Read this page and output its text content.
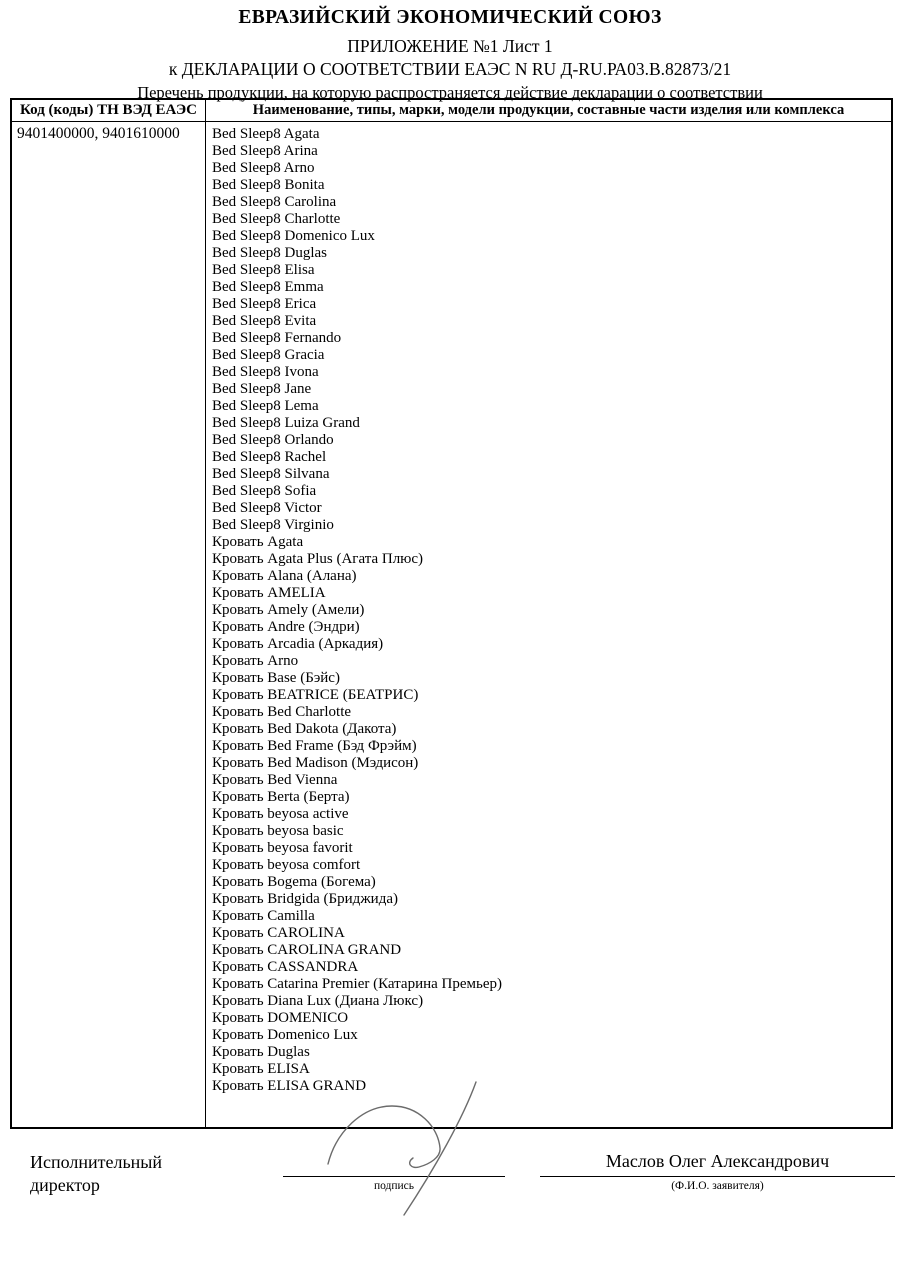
ЕВРАЗИЙСКИЙ ЭКОНОМИЧЕСКИЙ СОЮЗ
ПРИЛОЖЕНИЕ №1 Лист 1
к ДЕКЛАРАЦИИ О СООТВЕТСТВИИ ЕАЭС N RU Д-RU.РА03.В.82873/21
Перечень продукции, на которую распространяется действие декларации о соответствии
Код (коды) ТН ВЭД ЕАЭС	Наименование, типы, марки, модели продукции, составные части изделия или комплекса
9401400000, 9401610000	Bed Sleep8 Agata
Bed Sleep8 Arina
Bed Sleep8 Arno
Bed Sleep8 Bonita
Bed Sleep8 Carolina
Bed Sleep8 Charlotte
Bed Sleep8 Domenico Lux
Bed Sleep8 Duglas
Bed Sleep8 Elisa
Bed Sleep8 Emma
Bed Sleep8 Erica
Bed Sleep8 Evita
Bed Sleep8 Fernando
Bed Sleep8 Gracia
Bed Sleep8 Ivona
Bed Sleep8 Jane
Bed Sleep8 Lema
Bed Sleep8 Luiza Grand
Bed Sleep8 Orlando
Bed Sleep8 Rachel
Bed Sleep8 Silvana
Bed Sleep8 Sofia
Bed Sleep8 Victor
Bed Sleep8 Virginio
Кровать Agata
Кровать Agata Plus (Агата Плюс)
Кровать Alana (Алана)
Кровать AMELIA
Кровать Amely (Амели)
Кровать Andre (Эндри)
Кровать Arcadia (Аркадия)
Кровать Arno
Кровать Base (Бэйс)
Кровать BEATRICE (БЕАТРИС)
Кровать Bed Charlotte
Кровать Bed Dakota (Дакота)
Кровать Bed Frame (Бэд Фрэйм)
Кровать Bed Madison (Мэдисон)
Кровать Bed Vienna
Кровать Berta (Берта)
Кровать beyosa active
Кровать beyosa basic
Кровать beyosa favorit
Кровать beyosa comfort
Кровать Bogema (Богема)
Кровать Bridgida (Бриджида)
Кровать Camilla
Кровать CAROLINA
Кровать CAROLINA GRAND
Кровать CASSANDRA
Кровать Catarina Premier (Катарина Премьер)
Кровать Diana Lux (Диана Люкс)
Кровать DOMENICO
Кровать Domenico Lux
Кровать Duglas
Кровать ELISA
Кровать ELISA GRAND
Исполнительный
директор	подпись
Маслов Олег Александрович
(Ф.И.О. заявителя)
